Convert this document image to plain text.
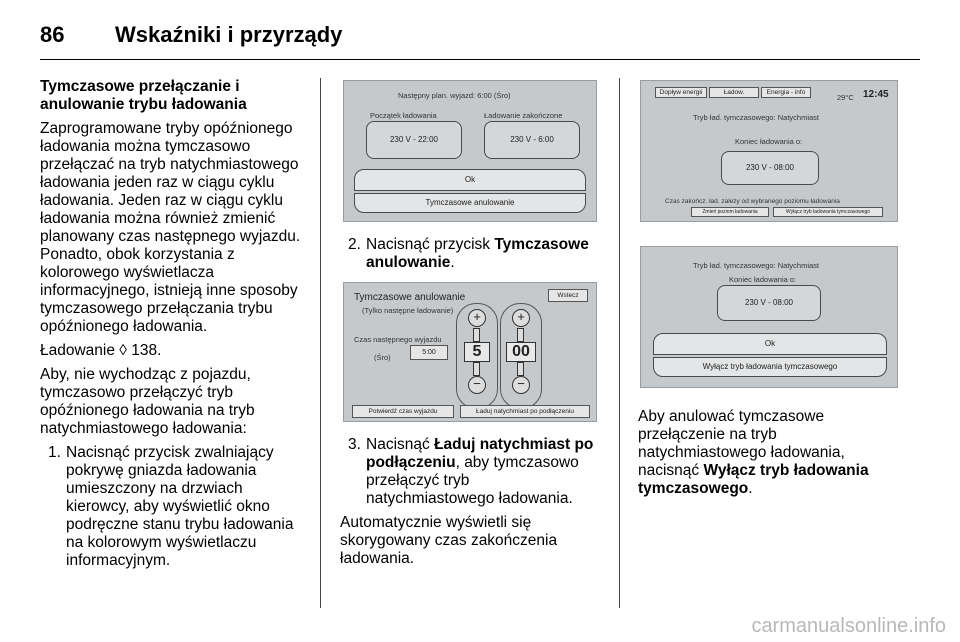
86 Wskaźniki i przyrządy
Tymczasowe przełączanie i anulowanie trybu ładowania
Zaprogramowane tryby opóźnionego ładowania można tymczasowo przełączać na tryb natychmiastowego ładowania jeden raz w ciągu cyklu ładowania. Jeden raz w ciągu cyklu ładowania można również zmienić planowany czas następnego wyjazdu. Ponadto, obok korzystania z kolorowego wyświetlacza informacyjnego, istnieją inne sposoby tymczasowego przełączania trybu opóźnionego ładowania.
Ładowanie ◊ 138.
Aby, nie wychodząc z pojazdu, tymczasowo przełączyć tryb opóźnionego ładowania na tryb natychmiastowego ładowania:
1. Nacisnąć przycisk zwalniający pokrywę gniazda ładowania umieszczony na drzwiach kierowcy, aby wyświetlić okno podręczne stanu trybu ładowania na kolorowym wyświetlaczu informacyjnym.
Następny plan. wyjazd: 6:00 (Śro)
Początek ładowania	Ładowanie zakończone
230 V - 22:00	230 V - 6:00
Ok
Tymczasowe anulowanie
2. Nacisnąć przycisk Tymczasowe anulowanie.
Tymczasowe anulowanie
(Tylko następne ładowanie)
Wstecz
Czas następnego wyjazdu
(Śro)
5:00
+
5
−
+
00
−
Potwierdź czas wyjazdu	Ładuj natychmiast po podłączeniu
3. Nacisnąć Ładuj natychmiast po podłączeniu, aby tymczasowo przełączyć tryb natychmiastowego ładowania.
Automatycznie wyświetli się skorygowany czas zakończenia ładowania.
Dopływ energii	Ładow.	Energia - info
29°C 12:45
Tryb ład. tymczasowego: Natychmiast
Koniec ładowania o:
230 V - 08:00
Czas zakończ. ład. zależy od wybranego poziomu ładowania
Zmień poziom ładowania	Wyłącz tryb ładowania tymczasowego
Tryb ład. tymczasowego: Natychmiast
Koniec ładowania o:
230 V - 08:00
Ok
Wyłącz tryb ładowania tymczasowego
Aby anulować tymczasowe przełączenie na tryb natychmiastowego ładowania, nacisnąć Wyłącz tryb ładowania tymczasowego.
carmanualsonline.info
